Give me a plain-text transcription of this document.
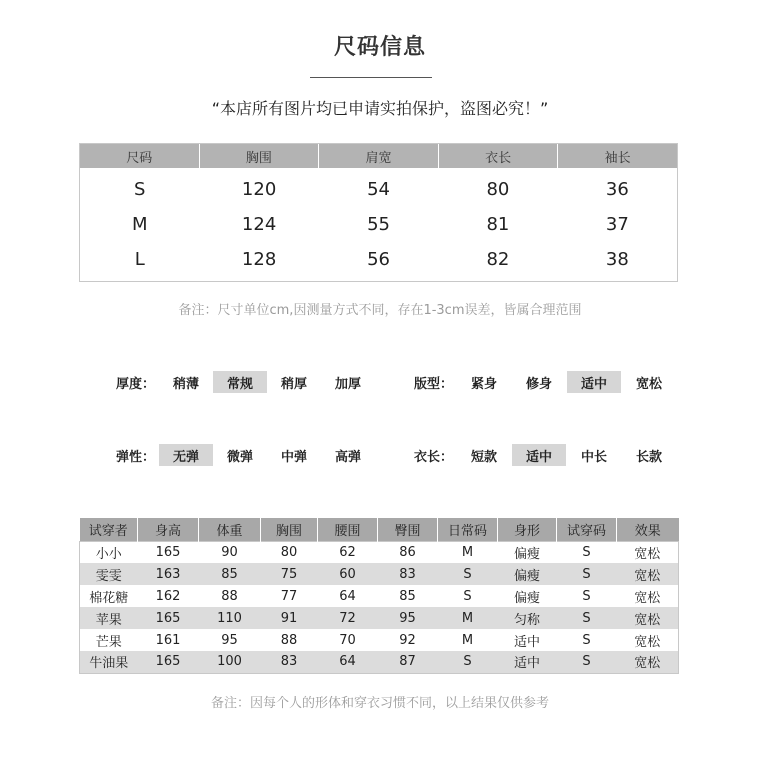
尺码信息
“本店所有图片均已申请实拍保护，盗图必究！”
尺码	胸围	肩宽	衣长	袖长
S	120	54	80	36
M	124	55	81	37
L	128	56	82	38
备注：尺寸单位cm,因测量方式不同，存在1-3cm误差，皆属合理范围
厚度：	稍薄	常规	稍厚	加厚	版型：	紧身	修身	适中	宽松
弹性：	无弹	微弹	中弹	高弹	衣长：	短款	适中	中长	长款
试穿者	身高	体重	胸围	腰围	臀围	日常码	身形	试穿码	效果
小小	165	90	80	62	86	M	偏瘦	S	宽松
雯雯	163	85	75	60	83	S	偏瘦	S	宽松
棉花糖	162	88	77	64	85	S	偏瘦	S	宽松
苹果	165	110	91	72	95	M	匀称	S	宽松
芒果	161	95	88	70	92	M	适中	S	宽松
牛油果	165	100	83	64	87	S	适中	S	宽松
备注：因每个人的形体和穿衣习惯不同，以上结果仅供参考
